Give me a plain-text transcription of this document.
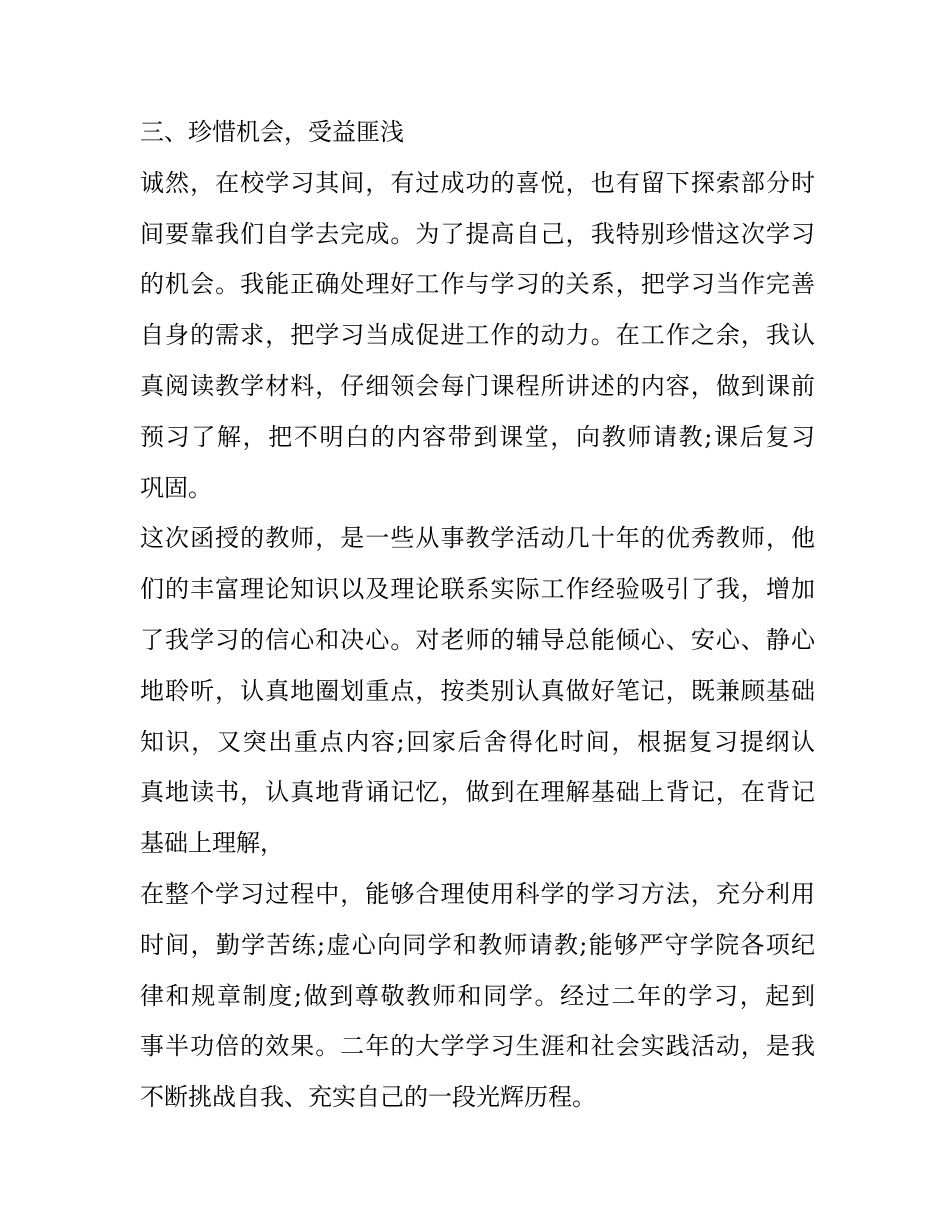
三、珍惜机会，受益匪浅
诚然，在校学习其间，有过成功的喜悦，也有留下探索部分时
间要靠我们自学去完成。为了提高自己，我特别珍惜这次学习
的机会。我能正确处理好工作与学习的关系，把学习当作完善
自身的需求，把学习当成促进工作的动力。在工作之余，我认
真阅读教学材料，仔细领会每门课程所讲述的内容，做到课前
预习了解，把不明白的内容带到课堂，向教师请教;课后复习
巩固。
这次函授的教师，是一些从事教学活动几十年的优秀教师，他
们的丰富理论知识以及理论联系实际工作经验吸引了我，增加
了我学习的信心和决心。对老师的辅导总能倾心、安心、静心
地聆听，认真地圈划重点，按类别认真做好笔记，既兼顾基础
知识，又突出重点内容;回家后舍得化时间，根据复习提纲认
真地读书，认真地背诵记忆，做到在理解基础上背记，在背记
基础上理解，
在整个学习过程中，能够合理使用科学的学习方法，充分利用
时间，勤学苦练;虚心向同学和教师请教;能够严守学院各项纪
律和规章制度;做到尊敬教师和同学。经过二年的学习，起到
事半功倍的效果。二年的大学学习生涯和社会实践活动，是我
不断挑战自我、充实自己的一段光辉历程。
